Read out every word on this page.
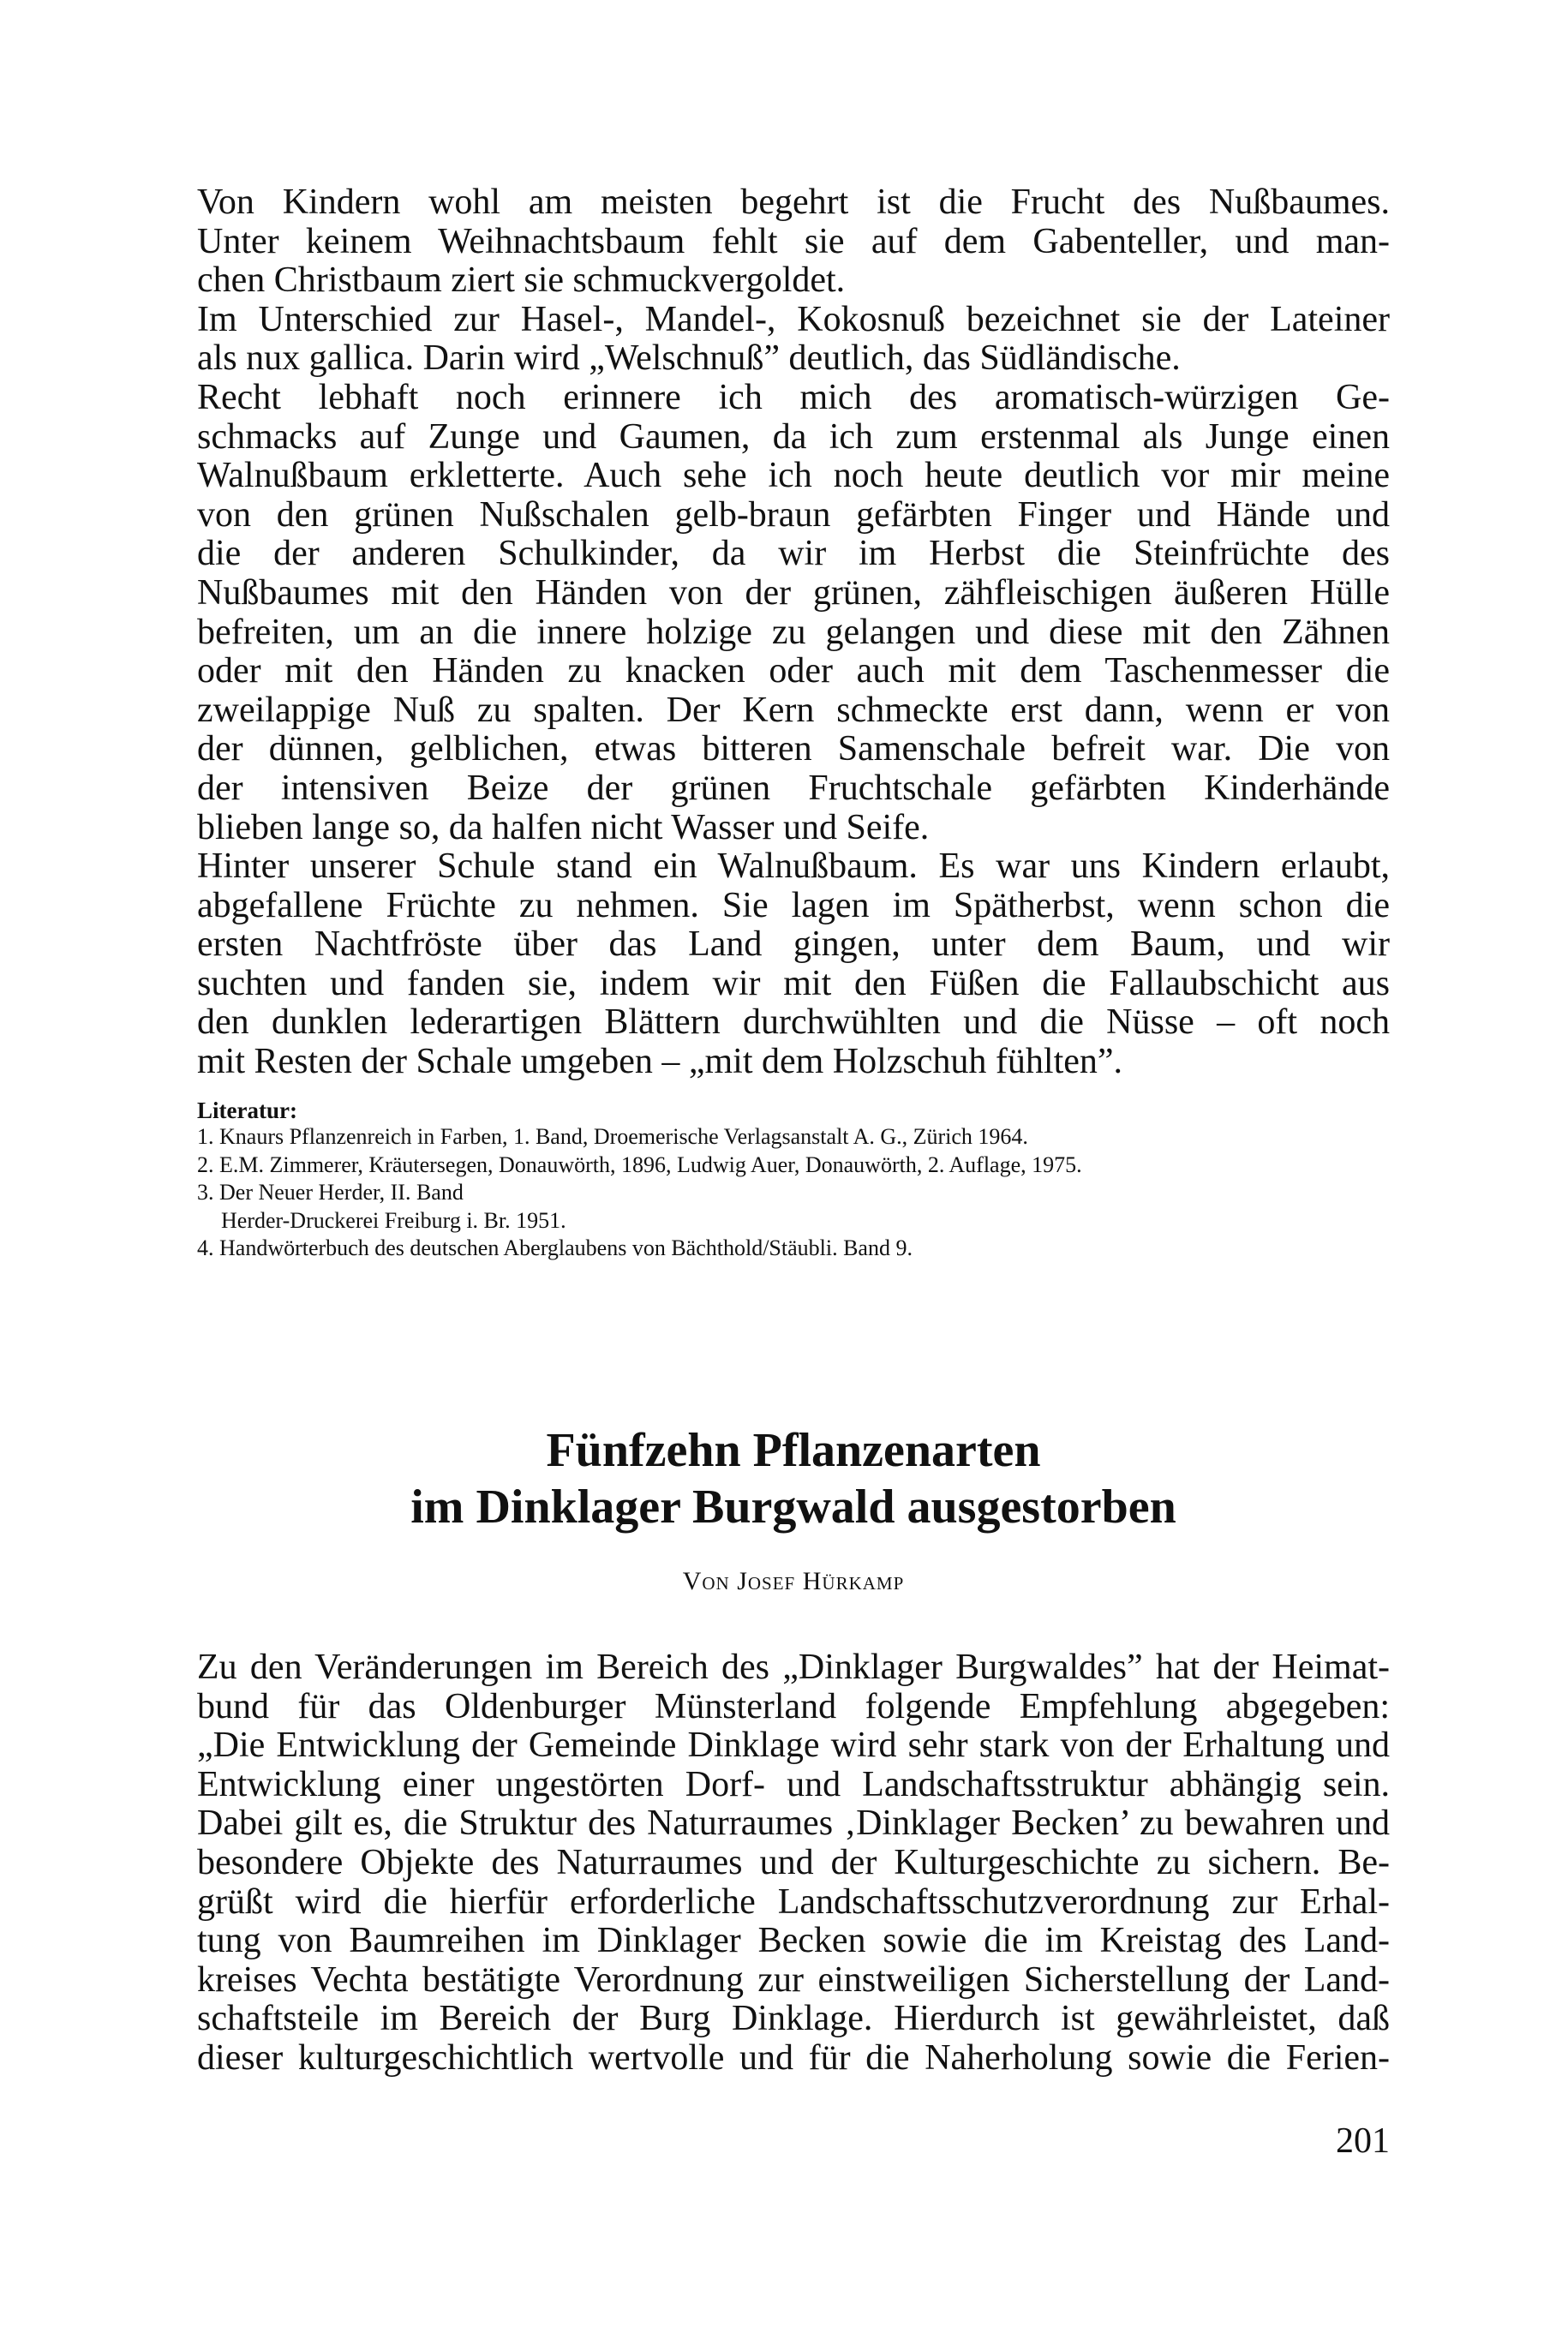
Von Kindern wohl am meisten begehrt ist die Frucht des Nußbaumes.
Unter keinem Weihnachtsbaum fehlt sie auf dem Gabenteller, und man-
chen Christbaum ziert sie schmuckvergoldet.
Im Unterschied zur Hasel-, Mandel-, Kokosnuß bezeichnet sie der Lateiner
als nux gallica. Darin wird „Welschnuß” deutlich, das Südländische.
Recht lebhaft noch erinnere ich mich des aromatisch-würzigen Ge-
schmacks auf Zunge und Gaumen, da ich zum erstenmal als Junge einen
Walnußbaum erkletterte. Auch sehe ich noch heute deutlich vor mir meine
von den grünen Nußschalen gelb-braun gefärbten Finger und Hände und
die der anderen Schulkinder, da wir im Herbst die Steinfrüchte des
Nußbaumes mit den Händen von der grünen, zähfleischigen äußeren Hülle
befreiten, um an die innere holzige zu gelangen und diese mit den Zähnen
oder mit den Händen zu knacken oder auch mit dem Taschenmesser die
zweilappige Nuß zu spalten. Der Kern schmeckte erst dann, wenn er von
der dünnen, gelblichen, etwas bitteren Samenschale befreit war. Die von
der intensiven Beize der grünen Fruchtschale gefärbten Kinderhände
blieben lange so, da halfen nicht Wasser und Seife.
Hinter unserer Schule stand ein Walnußbaum. Es war uns Kindern erlaubt,
abgefallene Früchte zu nehmen. Sie lagen im Spätherbst, wenn schon die
ersten Nachtfröste über das Land gingen, unter dem Baum, und wir
suchten und fanden sie, indem wir mit den Füßen die Fallaubschicht aus
den dunklen lederartigen Blättern durchwühlten und die Nüsse – oft noch
mit Resten der Schale umgeben – „mit dem Holzschuh fühlten”.
Literatur:
1. Knaurs Pflanzenreich in Farben, 1. Band, Droemerische Verlagsanstalt A. G., Zürich 1964.
2. E.M. Zimmerer, Kräutersegen, Donauwörth, 1896, Ludwig Auer, Donauwörth, 2. Auflage, 1975.
3. Der Neuer Herder, II. Band
Herder-Druckerei Freiburg i. Br. 1951.
4. Handwörterbuch des deutschen Aberglaubens von Bächthold/Stäubli. Band 9.
Fünfzehn Pflanzenarten
im Dinklager Burgwald ausgestorben
Von Josef Hürkamp
Zu den Veränderungen im Bereich des „Dinklager Burgwaldes” hat der Heimat-
bund für das Oldenburger Münsterland folgende Empfehlung abgegeben:
„Die Entwicklung der Gemeinde Dinklage wird sehr stark von der Erhaltung und
Entwicklung einer ungestörten Dorf- und Landschaftsstruktur abhängig sein.
Dabei gilt es, die Struktur des Naturraumes ‚Dinklager Becken’ zu bewahren und
besondere Objekte des Naturraumes und der Kulturgeschichte zu sichern. Be-
grüßt wird die hierfür erforderliche Landschaftsschutzverordnung zur Erhal-
tung von Baumreihen im Dinklager Becken sowie die im Kreistag des Land-
kreises Vechta bestätigte Verordnung zur einstweiligen Sicherstellung der Land-
schaftsteile im Bereich der Burg Dinklage. Hierdurch ist gewährleistet, daß
dieser kulturgeschichtlich wertvolle und für die Naherholung sowie die Ferien-
201
